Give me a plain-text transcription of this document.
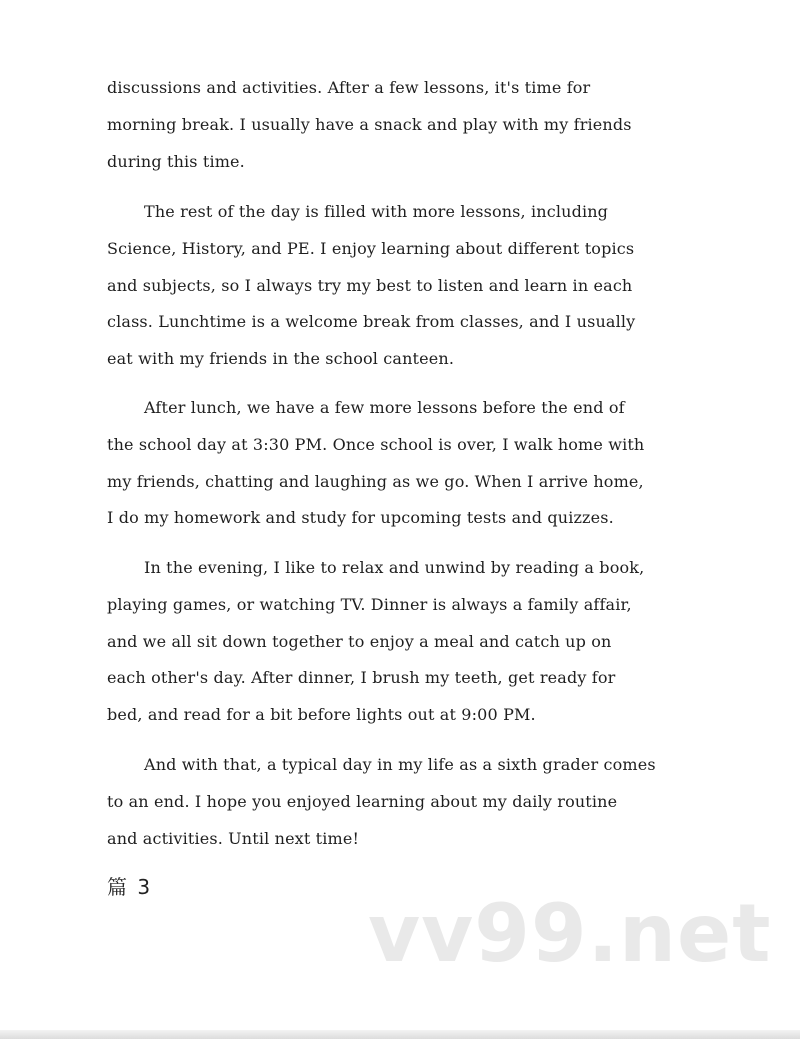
discussions and activities. After a few lessons, it's time for
morning break. I usually have a snack and play with my friends
during this time.

The rest of the day is filled with more lessons, including
Science, History, and PE. I enjoy learning about different topics
and subjects, so I always try my best to listen and learn in each
class. Lunchtime is a welcome break from classes, and I usually
eat with my friends in the school canteen.

After lunch, we have a few more lessons before the end of
the school day at 3:30 PM. Once school is over, I walk home with
my friends, chatting and laughing as we go. When I arrive home,
I do my homework and study for upcoming tests and quizzes.

In the evening, I like to relax and unwind by reading a book,
playing games, or watching TV. Dinner is always a family affair,
and we all sit down together to enjoy a meal and catch up on
each other's day. After dinner, I brush my teeth, get ready for
bed, and read for a bit before lights out at 9:00 PM.

And with that, a typical day in my life as a sixth grader comes
to an end. I hope you enjoyed learning about my daily routine
and activities. Until next time!

篇 3	vv99.net
